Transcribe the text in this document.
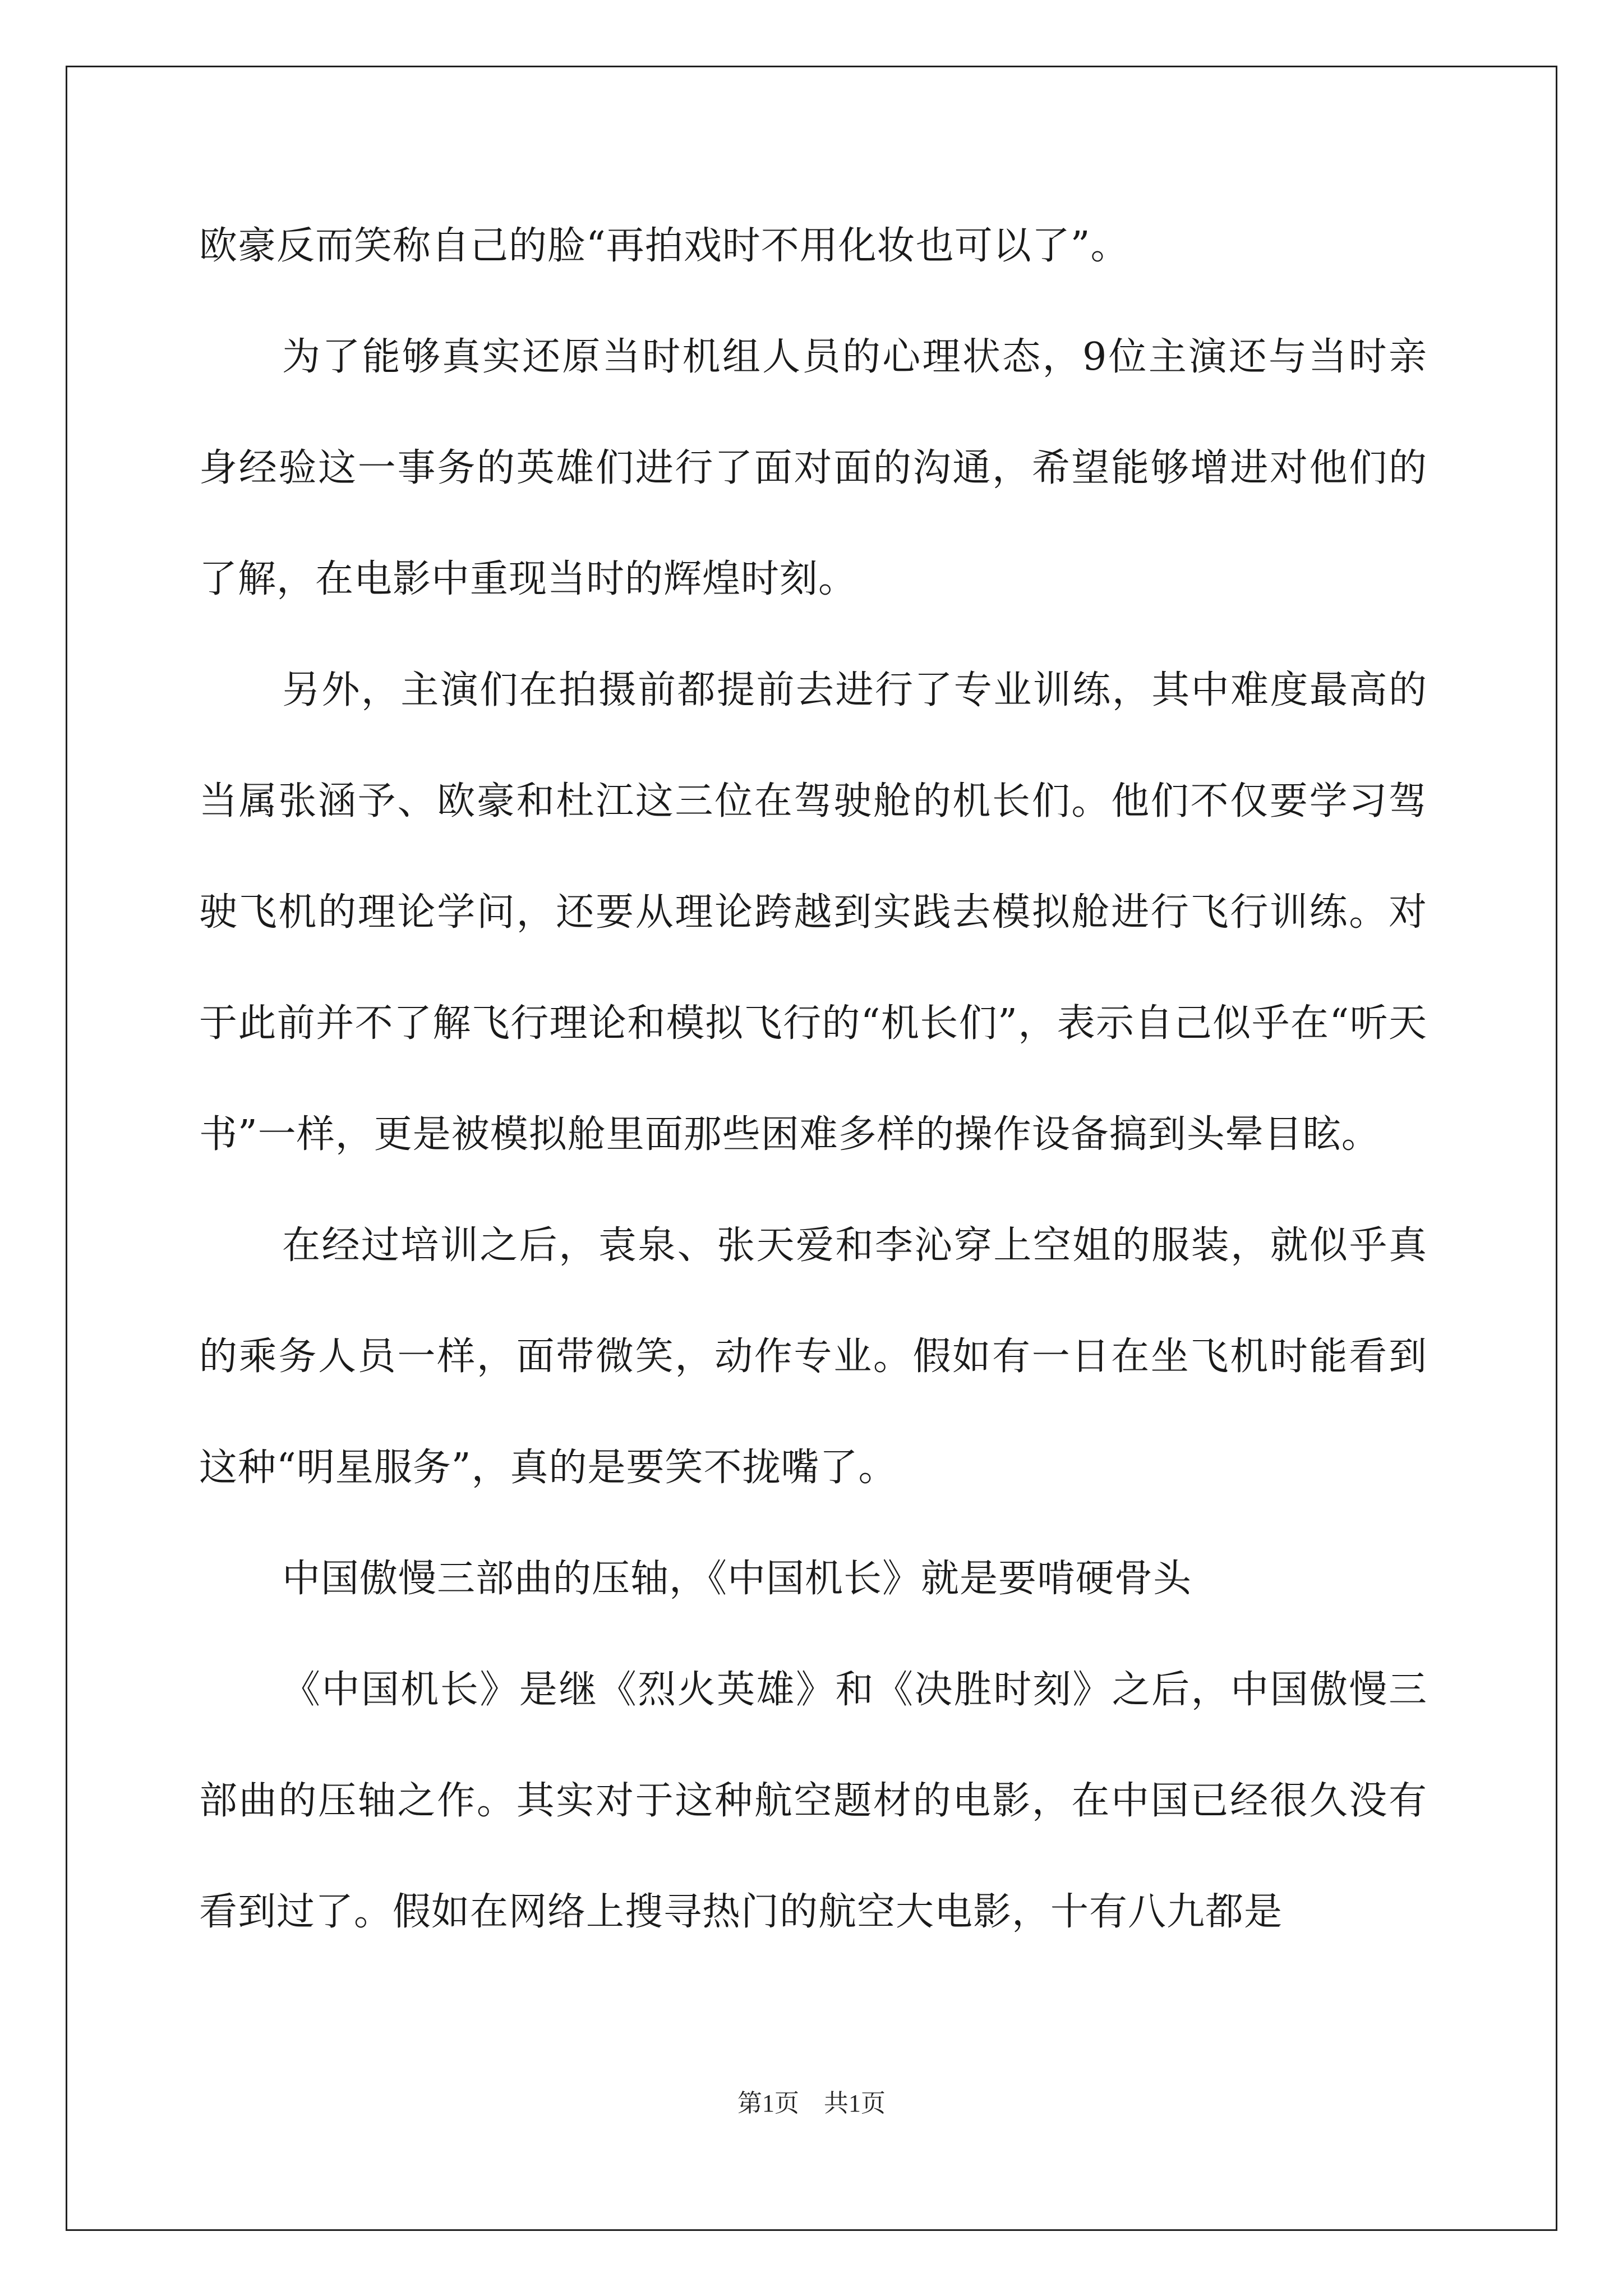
欧豪反而笑称自己的脸“再拍戏时不用化妆也可以了”。

为了能够真实还原当时机组人员的心理状态，9位主演还与当时亲身经验这一事务的英雄们进行了面对面的沟通，希望能够增进对他们的了解，在电影中重现当时的辉煌时刻。

另外，主演们在拍摄前都提前去进行了专业训练，其中难度最高的当属张涵予、欧豪和杜江这三位在驾驶舱的机长们。他们不仅要学习驾驶飞机的理论学问，还要从理论跨越到实践去模拟舱进行飞行训练。对于此前并不了解飞行理论和模拟飞行的“机长们”，表示自己似乎在“听天书”一样，更是被模拟舱里面那些困难多样的操作设备搞到头晕目眩。

在经过培训之后，袁泉、张天爱和李沁穿上空姐的服装，就似乎真的乘务人员一样，面带微笑，动作专业。假如有一日在坐飞机时能看到这种“明星服务”，真的是要笑不拢嘴了。

中国傲慢三部曲的压轴，《中国机长》就是要啃硬骨头

《中国机长》是继《烈火英雄》和《决胜时刻》之后，中国傲慢三部曲的压轴之作。其实对于这种航空题材的电影，在中国已经很久没有看到过了。假如在网络上搜寻热门的航空大电影，十有八九都是

第1页　共1页
